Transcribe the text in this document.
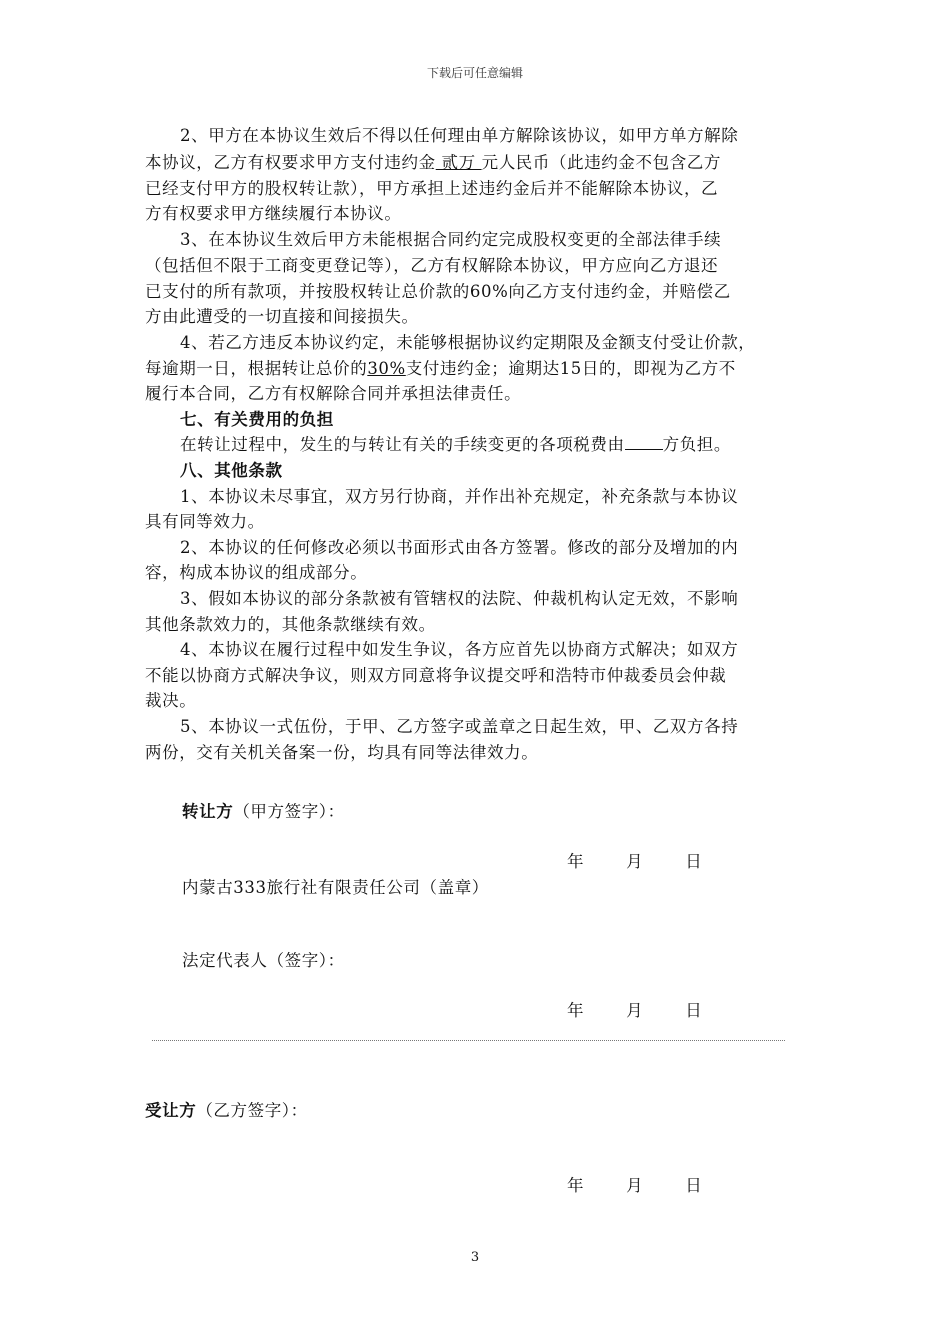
下载后可任意编辑
2、甲方在本协议生效后不得以任何理由单方解除该协议，如甲方单方解除
本协议，乙方有权要求甲方支付违约金 贰万 元人民币（此违约金不包含乙方
已经支付甲方的股权转让款），甲方承担上述违约金后并不能解除本协议，乙
方有权要求甲方继续履行本协议。
3、在本协议生效后甲方未能根据合同约定完成股权变更的全部法律手续
（包括但不限于工商变更登记等），乙方有权解除本协议，甲方应向乙方退还
已支付的所有款项，并按股权转让总价款的60%向乙方支付违约金，并赔偿乙
方由此遭受的一切直接和间接损失。
4、若乙方违反本协议约定，未能够根据协议约定期限及金额支付受让价款，
每逾期一日，根据转让总价的30%支付违约金；逾期达15日的，即视为乙方不
履行本合同，乙方有权解除合同并承担法律责任。
七、有关费用的负担
在转让过程中，发生的与转让有关的手续变更的各项税费由 方负担。
八、其他条款
1、本协议未尽事宜，双方另行协商，并作出补充规定，补充条款与本协议
具有同等效力。
2、本协议的任何修改必须以书面形式由各方签署。修改的部分及增加的内
容，构成本协议的组成部分。
3、假如本协议的部分条款被有管辖权的法院、仲裁机构认定无效，不影响
其他条款效力的，其他条款继续有效。
4、本协议在履行过程中如发生争议，各方应首先以协商方式解决；如双方
不能以协商方式解决争议，则双方同意将争议提交呼和浩特市仲裁委员会仲裁
裁决。
5、本协议一式伍份，于甲、乙方签字或盖章之日起生效，甲、乙双方各持
两份，交有关机关备案一份，均具有同等法律效力。
转让方（甲方签字）：
年	月	日
内蒙古333旅行社有限责任公司（盖章）
法定代表人（签字）：
年	月	日
受让方（乙方签字）：
年	月	日
3
